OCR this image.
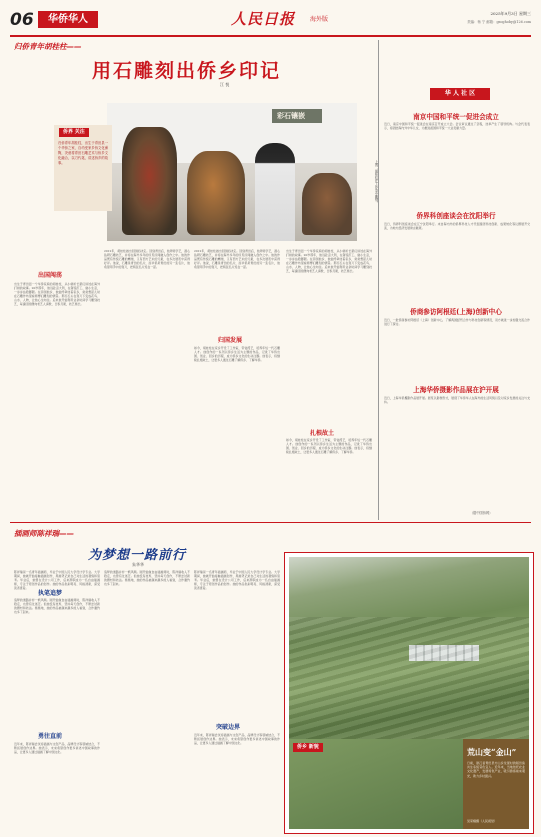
06	华侨华人	人民日报 海外版
2025年9月3日 星期三
责编：杨 宁 邮箱：gsoghoby@126.com
归侨青年胡桂柱——
用石雕刻出侨乡印记
江 悦
彩石镶嵌
侨界 关注
归侨青年胡桂柱，出生于青田县一个华侨之家，自幼受家乡侨文化熏陶，决意将青田石雕艺术与侨乡文化融合，以刀代笔，讲述侨乡的故事。	上图：胡桂柱在工作室中雕刻。
出国闯荡
出生于青田县一个华侨家庭的胡桂柱，从小就听长辈们讲述在海外打拼的故事。20岁那年，他远赴意大利，在餐馆打工、做小生意，一步步站稳脚跟。在异国他乡，他始终牵挂着家乡，常常想起儿时在石雕作坊里看师傅们雕刻的情景。那些石头在刻刀下变成花鸟、山水、人物，让他心生向往。后来他开始利用业余时间学习雕刻技艺，每逢回国便向老艺人请教，日积月累，技艺渐长。
2012年，胡桂柱做出回国的决定。回到青田后，他拜师学艺，潜心钻研石雕技艺，并将在海外多年的所见所闻融入创作之中。他的作品既有传统石雕的精细，又有西方艺术的元素，在多次展览中获得好评。他说，石雕是青田的名片，而华侨是青田的另一张名片，他希望用手中的刻刀，把两张名片连在一起。
归国发展
2012年，胡桂柱做出回国的决定。回到青田后，他拜师学艺，潜心钻研石雕技艺，并将在海外多年的所见所闻融入创作之中。他的作品既有传统石雕的精细，又有西方艺术的元素，在多次展览中获得好评。他说，石雕是青田的名片，而华侨是青田的另一张名片，他希望用手中的刻刀，把两张名片连在一起。
如今，胡桂柱在家乡开设了工作室，带徒授艺，培养年轻一代石雕人才。他创作的一系列以侨乡生活为主题的作品，记录了华侨出国、创业、回乡的历程，成为侨乡文化的生动注脚。他表示，将继续扎根故土，让更多人通过石雕了解侨乡、了解华侨。
扎根故土
出生于青田县一个华侨家庭的胡桂柱，从小就听长辈们讲述在海外打拼的故事。20岁那年，他远赴意大利，在餐馆打工、做小生意，一步步站稳脚跟。在异国他乡，他始终牵挂着家乡，常常想起儿时在石雕作坊里看师傅们雕刻的情景。那些石头在刻刀下变成花鸟、山水、人物，让他心生向往。后来他开始利用业余时间学习雕刻技艺，每逢回国便向老艺人请教，日积月累，技艺渐长。
如今，胡桂柱在家乡开设了工作室，带徒授艺，培养年轻一代石雕人才。他创作的一系列以侨乡生活为主题的作品，记录了华侨出国、创业、回乡的历程，成为侨乡文化的生动注脚。他表示，将继续扎根故土，让更多人通过石雕了解侨乡、了解华侨。
华 人 社 区
南京中国和平统一促进会成立
近日，南京中国和平统一促进会在南京召开成立大会。会议审议通过了章程，选举产生了领导机构。与会代表表示，将团结海内外中华儿女，为推进祖国和平统一大业贡献力量。
侨界科创座谈会在沈阳举行
近日，侨界科创座谈会在辽宁沈阳举行。来自海内外的侨界科技人才代表围绕科技创新、成果转化等议题展开交流，为地方经济发展建言献策。
侨商参访阿根廷(上海)创新中心
近日，一批侨商参访阿根廷（上海）创新中心，了解两国经贸合作与科技创新等情况，双方就进一步加强交流合作进行了探讨。
上海华侨摄影作品展在沪开展
近日，上海华侨摄影作品展开展。展览以影像形式，展现了华侨华人在海外的生活风貌以及对家乡发展的关注与支持。
（据中国侨网）
插画师陈祥瑞——
为梦想一路前行
朱华华
执笔追梦
陈祥瑞是一名青年插画师，毕业于中国人民大学设计学专业。大学期间，她就开始接触插画创作，用画笔记录自己对生活的观察和思考。毕业后，她曾在设计公司工作，后来辞职成为一名自由插画师，专注于原创作品的创作。她的作品色彩明亮、风格清新，深受读者喜爱。
追梦的道路并非一帆风顺。刚开始做自由插画师时，陈祥瑞收入不稳定，也曾有过迷茫。但她没有放弃，坚持每天创作，不断尝试新的题材和技法。渐渐地，她的作品被越来越多的人看到，合作邀约也多了起来。
勇往直前
近年来，陈祥瑞尝试将插画与文创产品、品牌设计等领域结合，不断拓展创作边界。她表示，未来希望创作更多讲述中国故事的作品，让更多人通过插画了解中国文化。
追梦的道路并非一帆风顺。刚开始做自由插画师时，陈祥瑞收入不稳定，也曾有过迷茫。但她没有放弃，坚持每天创作，不断尝试新的题材和技法。渐渐地，她的作品被越来越多的人看到，合作邀约也多了起来。
陈祥瑞是一名青年插画师，毕业于中国人民大学设计学专业。大学期间，她就开始接触插画创作，用画笔记录自己对生活的观察和思考。毕业后，她曾在设计公司工作，后来辞职成为一名自由插画师，专注于原创作品的创作。她的作品色彩明亮、风格清新，深受读者喜爱。
突破边界
近年来，陈祥瑞尝试将插画与文创产品、品牌设计等领域结合，不断拓展创作边界。她表示，未来希望创作更多讲述中国故事的作品，让更多人通过插画了解中国文化。
侨乡 新貌	荒山变“金山”
日前，浙江省青田县方山乡龙现村的稻田鱼共生系统景色宜人。近年来，当地依托农业文化遗产，发展特色产业，吸引游客前来观光，助力乡村振兴。
吴荣耀摄（人民视觉）
